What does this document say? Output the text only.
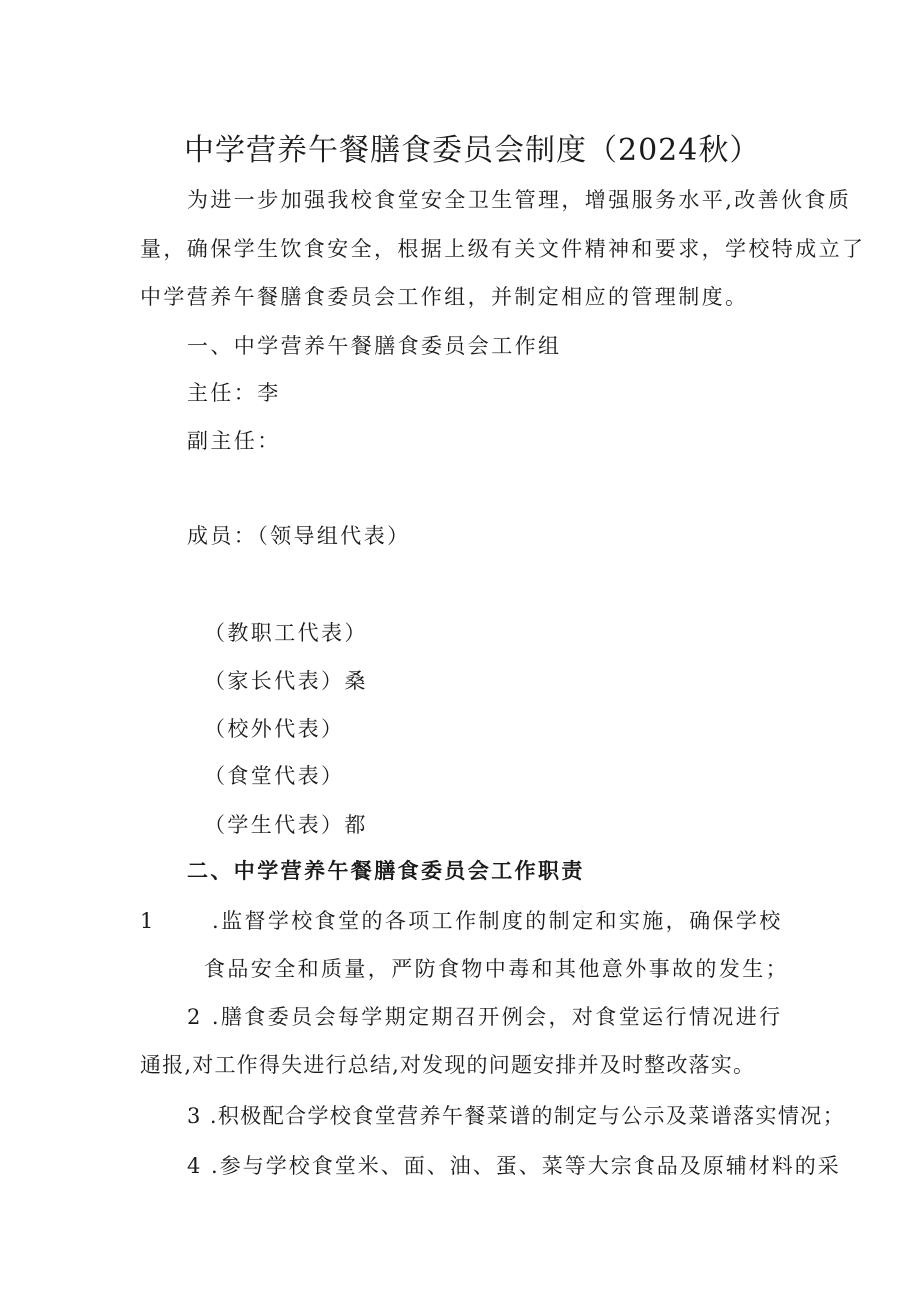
中学营养午餐膳食委员会制度（2024秋）
为进一步加强我校食堂安全卫生管理，增强服务水平,改善伙食质
量，确保学生饮食安全，根据上级有关文件精神和要求，学校特成立了
中学营养午餐膳食委员会工作组，并制定相应的管理制度。
一、中学营养午餐膳食委员会工作组
主任：李
副主任：
成员：（领导组代表）
（教职工代表）
（家长代表）桑
（校外代表）
（食堂代表）
（学生代表）都
二、中学营养午餐膳食委员会工作职责
1	.监督学校食堂的各项工作制度的制定和实施，确保学校
食品安全和质量，严防食物中毒和其他意外事故的发生；
2 .膳食委员会每学期定期召开例会，对食堂运行情况进行
通报,对工作得失进行总结,对发现的问题安排并及时整改落实。
3 .积极配合学校食堂营养午餐菜谱的制定与公示及菜谱落实情况；
4 .参与学校食堂米、面、油、蛋、菜等大宗食品及原辅材料的采
